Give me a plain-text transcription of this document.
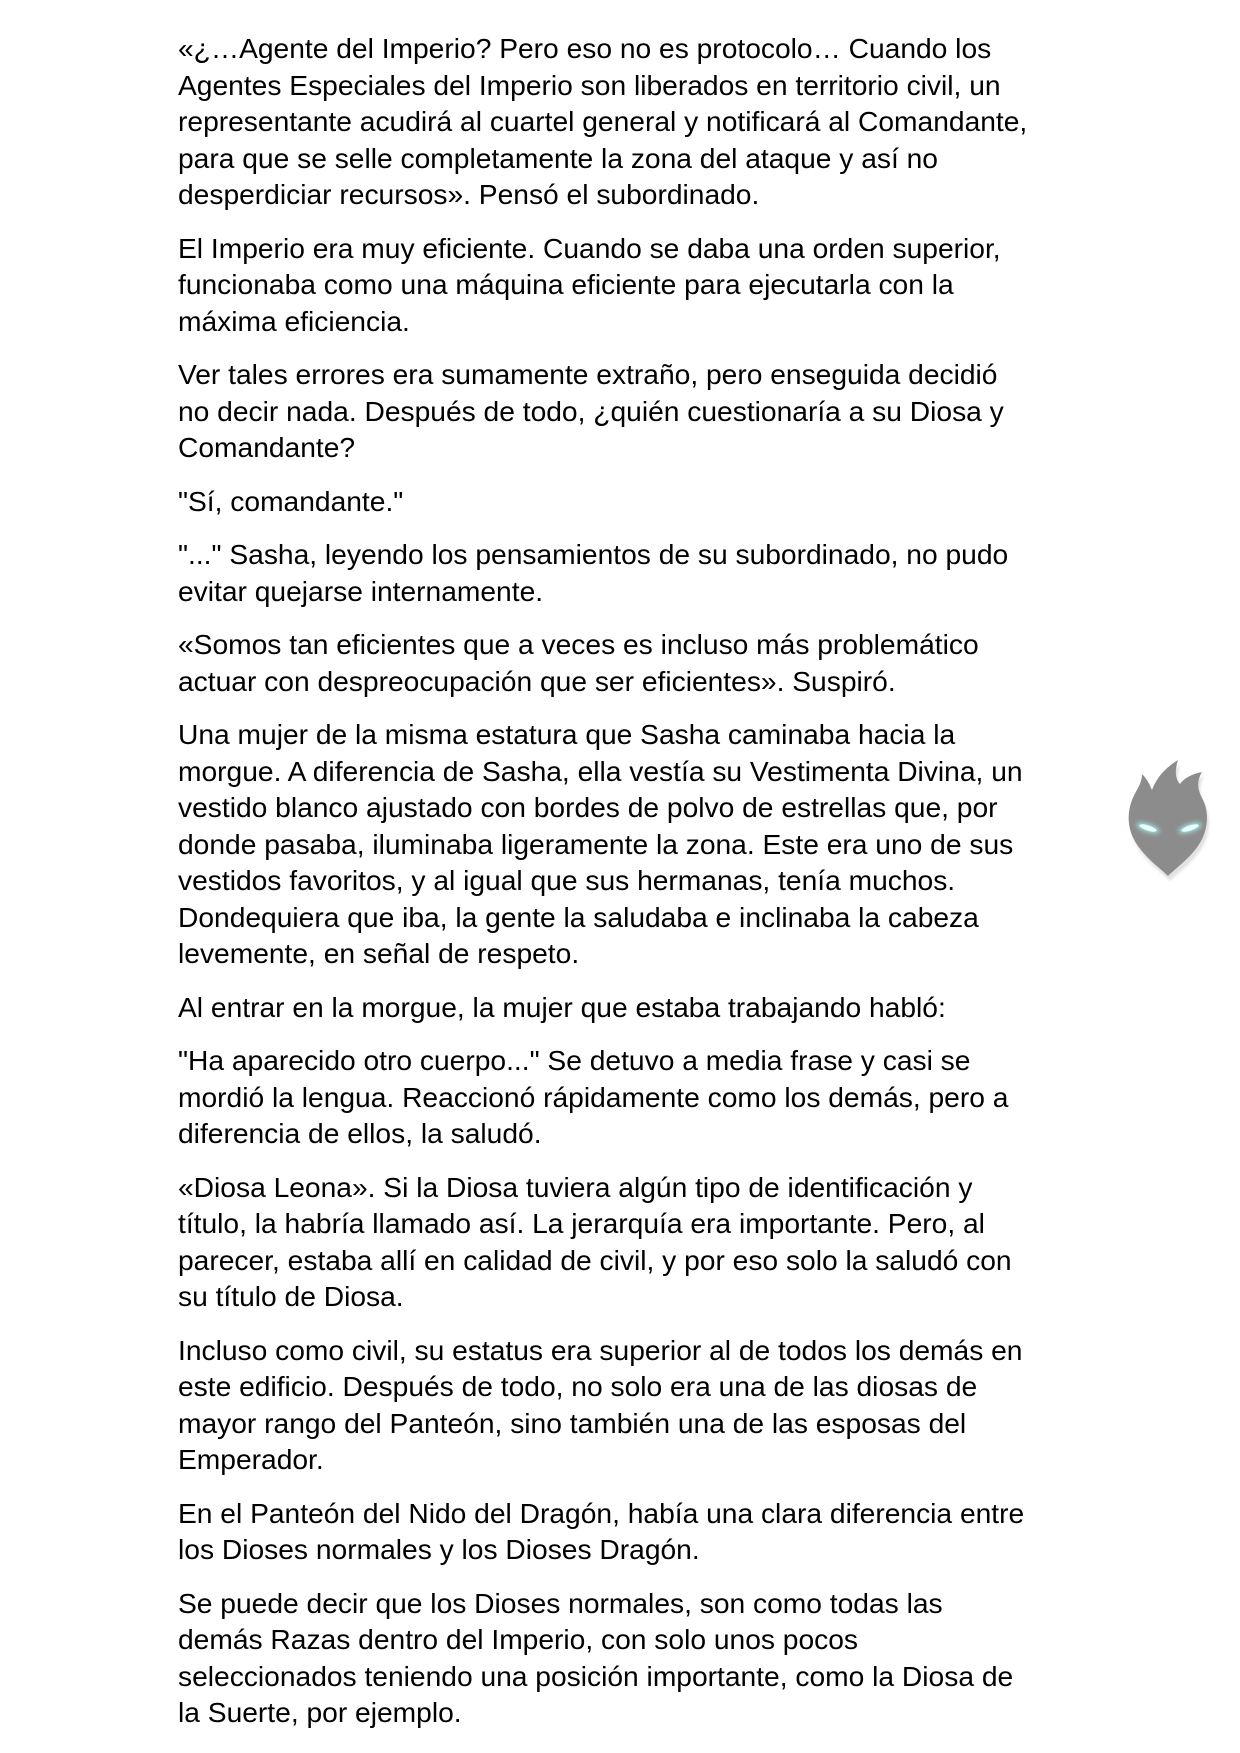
«¿…Agente del Imperio? Pero eso no es protocolo… Cuando los
Agentes Especiales del Imperio son liberados en territorio civil, un
representante acudirá al cuartel general y notificará al Comandante,
para que se selle completamente la zona del ataque y así no
desperdiciar recursos». Pensó el subordinado.

El Imperio era muy eficiente. Cuando se daba una orden superior,
funcionaba como una máquina eficiente para ejecutarla con la
máxima eficiencia.

Ver tales errores era sumamente extraño, pero enseguida decidió
no decir nada. Después de todo, ¿quién cuestionaría a su Diosa y
Comandante?

"Sí, comandante."

"..." Sasha, leyendo los pensamientos de su subordinado, no pudo
evitar quejarse internamente.

«Somos tan eficientes que a veces es incluso más problemático
actuar con despreocupación que ser eficientes». Suspiró.

Una mujer de la misma estatura que Sasha caminaba hacia la
morgue. A diferencia de Sasha, ella vestía su Vestimenta Divina, un
vestido blanco ajustado con bordes de polvo de estrellas que, por
donde pasaba, iluminaba ligeramente la zona. Este era uno de sus
vestidos favoritos, y al igual que sus hermanas, tenía muchos.
Dondequiera que iba, la gente la saludaba e inclinaba la cabeza
levemente, en señal de respeto.

Al entrar en la morgue, la mujer que estaba trabajando habló:

"Ha aparecido otro cuerpo..." Se detuvo a media frase y casi se
mordió la lengua. Reaccionó rápidamente como los demás, pero a
diferencia de ellos, la saludó.

«Diosa Leona». Si la Diosa tuviera algún tipo de identificación y
título, la habría llamado así. La jerarquía era importante. Pero, al
parecer, estaba allí en calidad de civil, y por eso solo la saludó con
su título de Diosa.

Incluso como civil, su estatus era superior al de todos los demás en
este edificio. Después de todo, no solo era una de las diosas de
mayor rango del Panteón, sino también una de las esposas del
Emperador.

En el Panteón del Nido del Dragón, había una clara diferencia entre
los Dioses normales y los Dioses Dragón.

Se puede decir que los Dioses normales, son como todas las
demás Razas dentro del Imperio, con solo unos pocos
seleccionados teniendo una posición importante, como la Diosa de
la Suerte, por ejemplo.
